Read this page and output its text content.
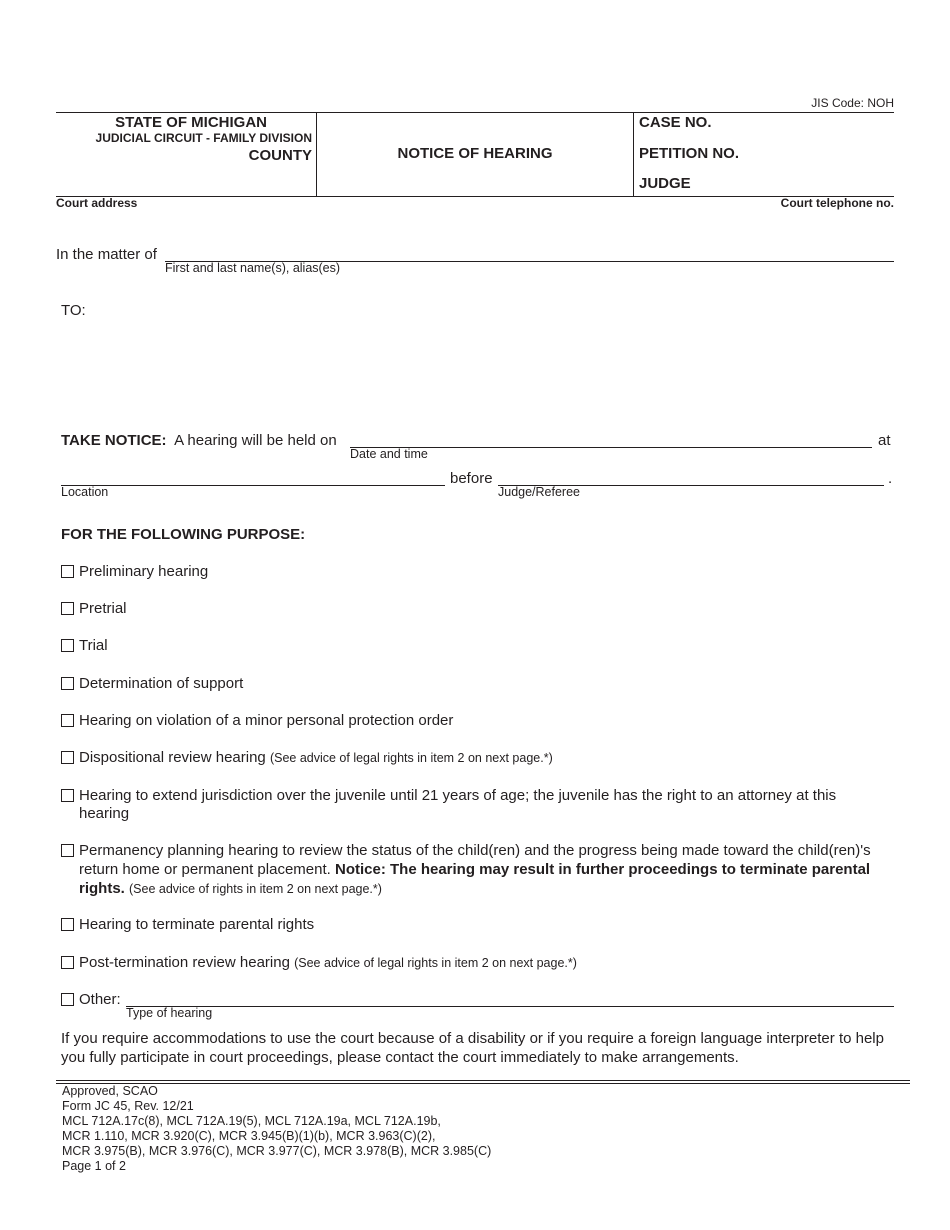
JIS Code: NOH
STATE OF MICHIGAN
JUDICIAL CIRCUIT - FAMILY DIVISION
COUNTY	NOTICE OF HEARING
CASE NO.
PETITION NO.
JUDGE
Court address	Court telephone no.
In the matter of
First and last name(s), alias(es)
TO:
TAKE NOTICE: A hearing will be held on
Date and time
at
Location
before
Judge/Referee
.
FOR THE FOLLOWING PURPOSE:
Preliminary hearing
Pretrial
Trial
Determination of support
Hearing on violation of a minor personal protection order
Dispositional review hearing (See advice of legal rights in item 2 on next page.*)
Hearing to extend jurisdiction over the juvenile until 21 years of age; the juvenile has the right to an attorney at this
hearing
Permanency planning hearing to review the status of the child(ren) and the progress being made toward the child(ren)'s
return home or permanent placement. Notice: The hearing may result in further proceedings to terminate parental
rights. (See advice of rights in item 2 on next page.*)
Hearing to terminate parental rights
Post-termination review hearing (See advice of legal rights in item 2 on next page.*)
Other:
Type of hearing
If you require accommodations to use the court because of a disability or if you require a foreign language interpreter to help
you fully participate in court proceedings, please contact the court immediately to make arrangements.
Approved, SCAO
Form JC 45, Rev. 12/21
MCL 712A.17c(8), MCL 712A.19(5), MCL 712A.19a, MCL 712A.19b,
MCR 1.110, MCR 3.920(C), MCR 3.945(B)(1)(b), MCR 3.963(C)(2),
MCR 3.975(B), MCR 3.976(C), MCR 3.977(C), MCR 3.978(B), MCR 3.985(C)
Page 1 of 2
